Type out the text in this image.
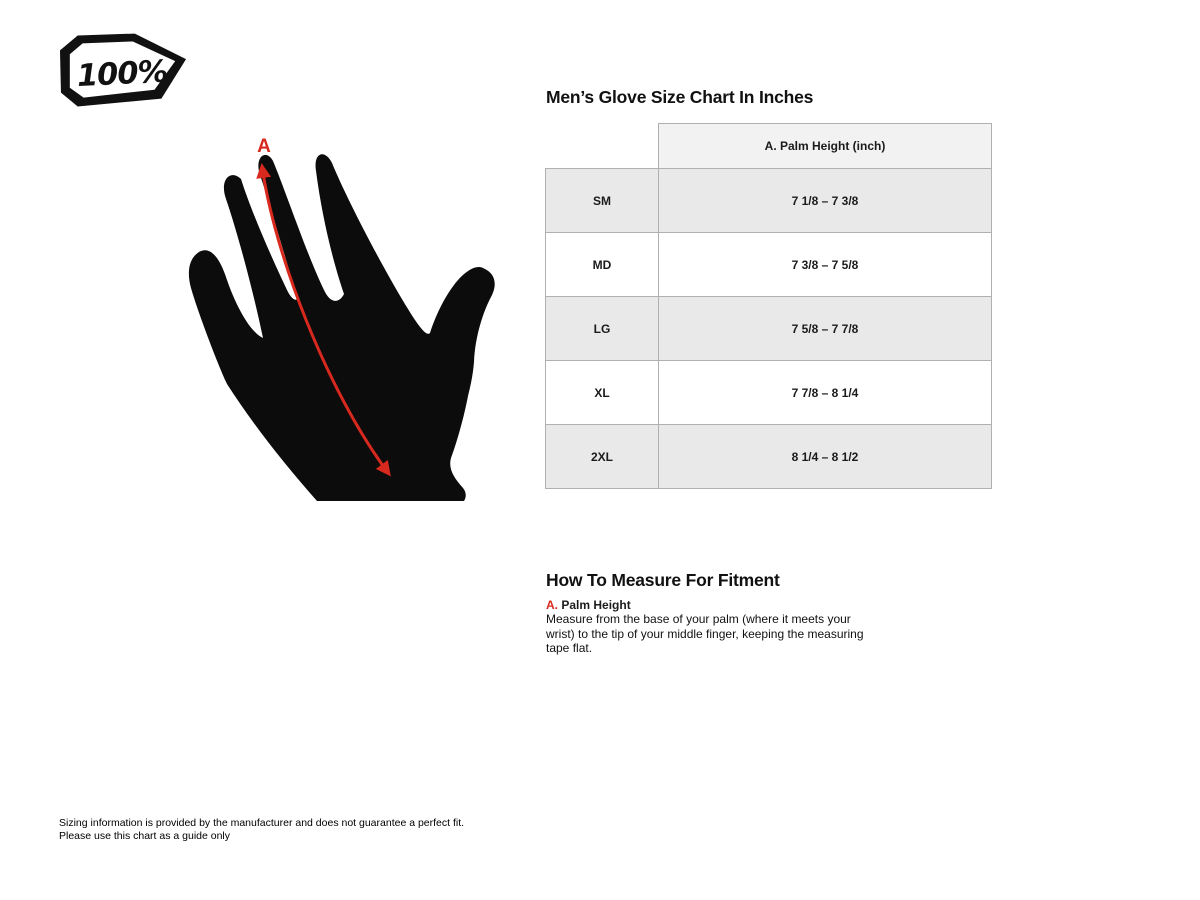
100%
A
Men’s Glove Size Chart In Inches
	A. Palm Height (inch)
SM	7 1/8 – 7 3/8
MD	7 3/8 – 7 5/8
LG	7 5/8 – 7 7/8
XL	7 7/8 – 8 1/4
2XL	8 1/4 – 8 1/2
How To Measure For Fitment
A. Palm Height
Measure from the base of your palm (where it meets your
wrist) to the tip of your middle finger, keeping the measuring
tape flat.
Sizing information is provided by the manufacturer and does not guarantee a perfect fit.
Please use this chart as a guide only
